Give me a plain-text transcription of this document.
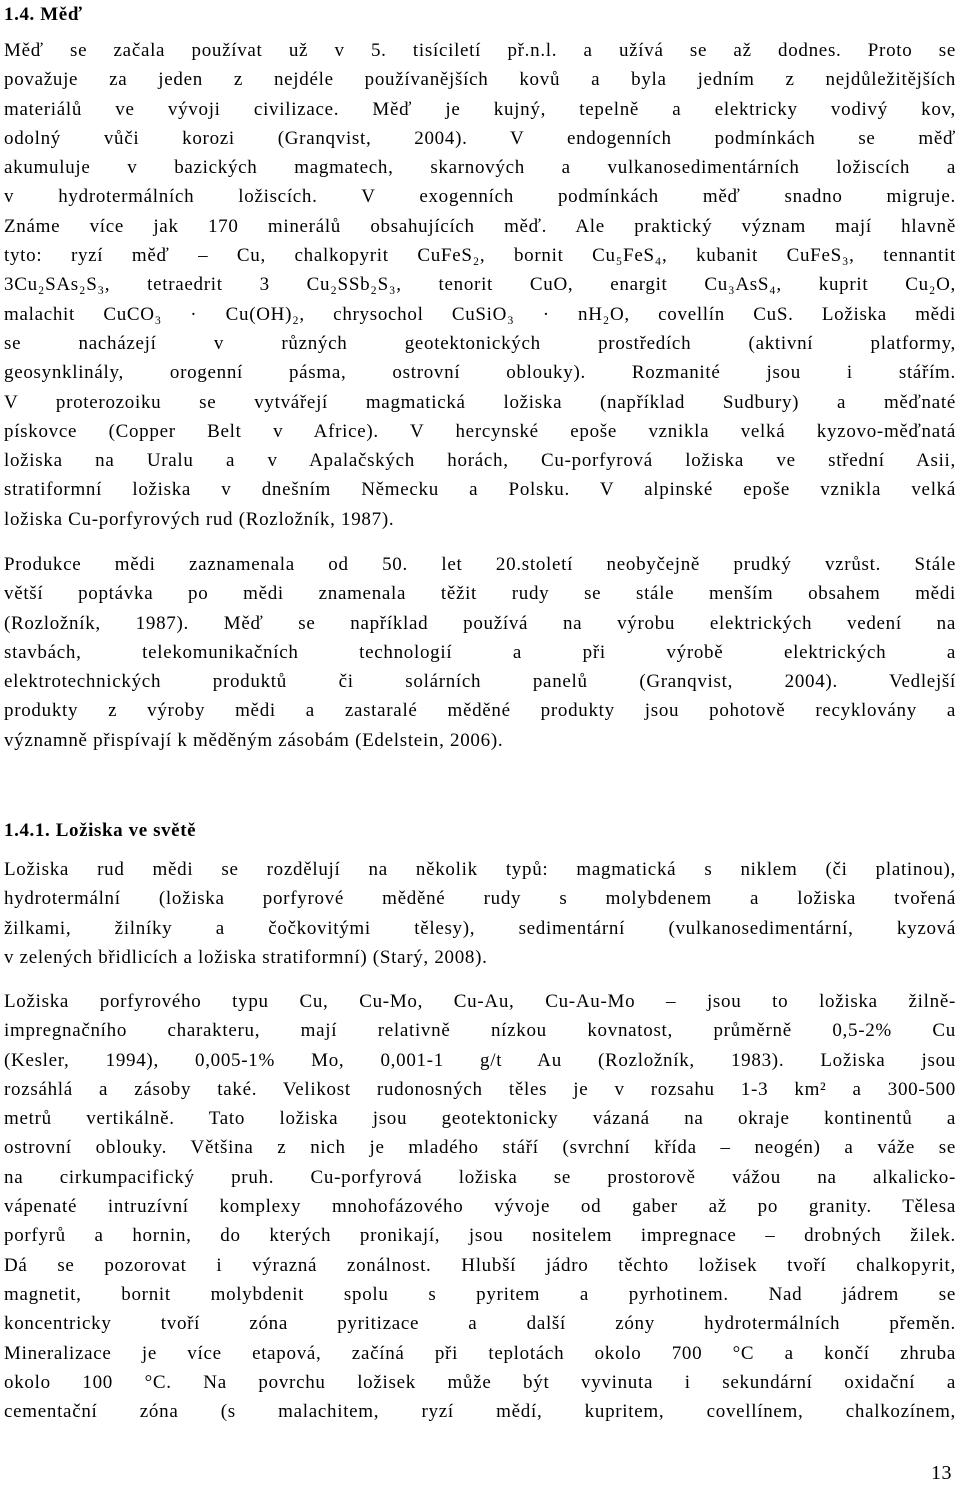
1.4. Měď
Měď se začala používat už v 5. tisíciletí př.n.l. a užívá se až dodnes. Proto se
považuje za jeden z nejdéle používanějších kovů a byla jedním z nejdůležitějších
materiálů ve vývoji civilizace. Měď je kujný, tepelně a elektricky vodivý kov,
odolný vůči korozi (Granqvist, 2004). V endogenních podmínkách se měď
akumuluje v bazických magmatech, skarnových a vulkanosedimentárních ložiscích a
v hydrotermálních ložiscích. V exogenních podmínkách měď snadno migruje.
Známe více jak 170 minerálů obsahujících měď. Ale praktický význam mají hlavně
tyto: ryzí měď – Cu, chalkopyrit CuFeS₂, bornit Cu₅FeS₄, kubanit CuFeS₃, tennantit
3Cu₂SAs₂S₃, tetraedrit 3 Cu₂SSb₂S₃, tenorit CuO, enargit Cu₃AsS₄, kuprit Cu₂O,
malachit CuCO₃ · Cu(OH)₂, chrysochol CuSiO₃ · nH₂O, covellín CuS. Ložiska mědi
se nacházejí v různých geotektonických prostředích (aktivní platformy,
geosynklinály, orogenní pásma, ostrovní oblouky). Rozmanité jsou i stářím.
V proterozoiku se vytvářejí magmatická ložiska (například Sudbury) a měďnaté
pískovce (Copper Belt v Africe). V hercynské epoše vznikla velká kyzovo-měďnatá
ložiska na Uralu a v Apalačských horách, Cu-porfyrová ložiska ve střední Asii,
stratiformní ložiska v dnešním Německu a Polsku. V alpinské epoše vznikla velká
ložiska Cu-porfyrových rud (Rozložník, 1987).
Produkce mědi zaznamenala od 50. let 20.století neobyčejně prudký vzrůst. Stále
větší poptávka po mědi znamenala těžit rudy se stále menším obsahem mědi
(Rozložník, 1987). Měď se například používá na výrobu elektrických vedení na
stavbách, telekomunikačních technologií a při výrobě elektrických a
elektrotechnických produktů či solárních panelů (Granqvist, 2004). Vedlejší
produkty z výroby mědi a zastaralé měděné produkty jsou pohotově recyklovány a
významně přispívají k měděným zásobám (Edelstein, 2006).
1.4.1. Ložiska ve světě
Ložiska rud mědi se rozdělují na několik typů: magmatická s niklem (či platinou),
hydrotermální (ložiska porfyrové měděné rudy s molybdenem a ložiska tvořená
žilkami, žilníky a čočkovitými tělesy), sedimentární (vulkanosedimentární, kyzová
v zelených břidlicích a ložiska stratiformní) (Starý, 2008).
Ložiska porfyrového typu Cu, Cu-Mo, Cu-Au, Cu-Au-Mo – jsou to ložiska žilně-
impregnačního charakteru, mají relativně nízkou kovnatost, průměrně 0,5-2% Cu
(Kesler, 1994), 0,005-1% Mo, 0,001-1 g/t Au (Rozložník, 1983). Ložiska jsou
rozsáhlá a zásoby také. Velikost rudonosných těles je v rozsahu 1-3 km² a 300-500
metrů vertikálně. Tato ložiska jsou geotektonicky vázaná na okraje kontinentů a
ostrovní oblouky. Většina z nich je mladého stáří (svrchní křída – neogén) a váže se
na cirkumpacifický pruh. Cu-porfyrová ložiska se prostorově vážou na alkalicko-
vápenaté intruzívní komplexy mnohofázového vývoje od gaber až po granity. Tělesa
porfyrů a hornin, do kterých pronikají, jsou nositelem impregnace – drobných žilek.
Dá se pozorovat i výrazná zonálnost. Hlubší jádro těchto ložisek tvoří chalkopyrit,
magnetit, bornit molybdenit spolu s pyritem a pyrhotinem. Nad jádrem se
koncentricky tvoří zóna pyritizace a další zóny hydrotermálních přeměn.
Mineralizace je více etapová, začíná při teplotách okolo 700 °C a končí zhruba
okolo 100 °C. Na povrchu ložisek může být vyvinuta i sekundární oxidační a
cementační zóna (s malachitem, ryzí mědí, kupritem, covellínem, chalkozínem,
13
